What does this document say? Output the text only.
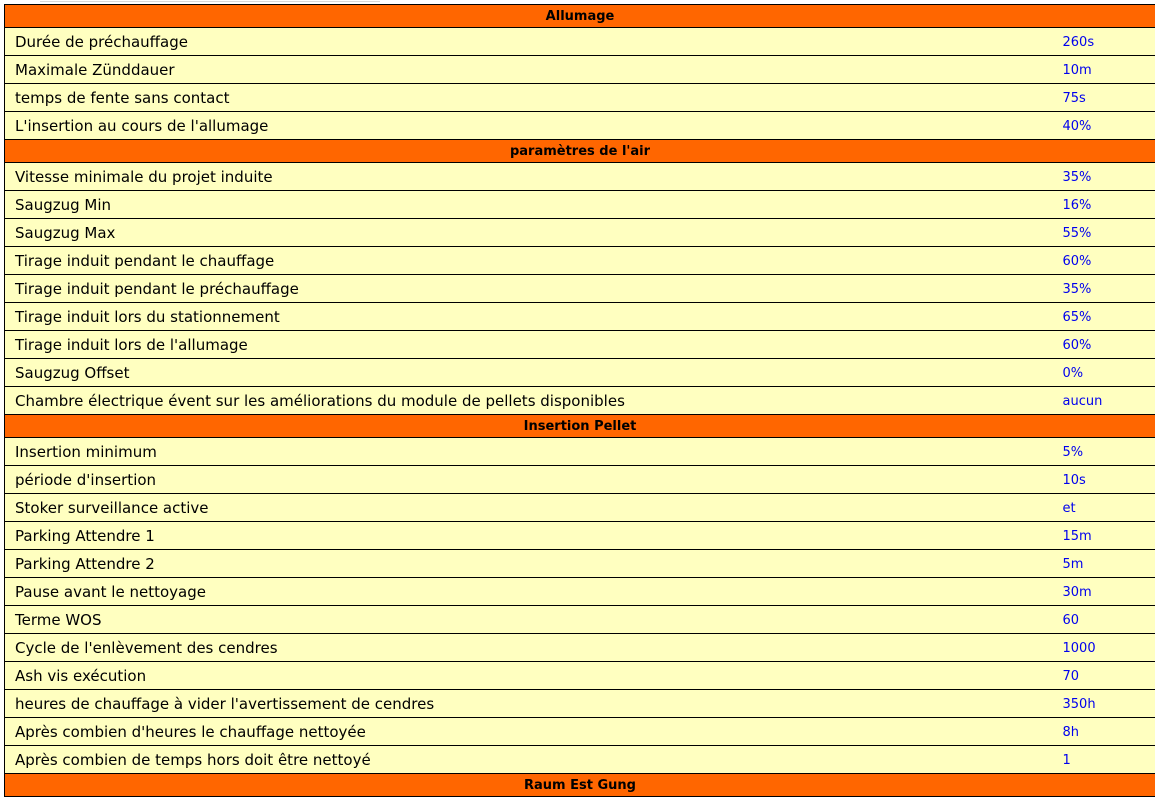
Allumage	
Durée de préchauffage	260s
Maximale Zünddauer	10m
temps de fente sans contact	75s
L'insertion au cours de l'allumage	40%
paramètres de l'air	
Vitesse minimale du projet induite	35%
Saugzug Min	16%
Saugzug Max	55%
Tirage induit pendant le chauffage	60%
Tirage induit pendant le préchauffage	35%
Tirage induit lors du stationnement	65%
Tirage induit lors de l'allumage	60%
Saugzug Offset	0%
Chambre électrique évent sur les améliorations du module de pellets disponibles	aucun
Insertion Pellet	
Insertion minimum	5%
période d'insertion	10s
Stoker surveillance active	et
Parking Attendre 1	15m
Parking Attendre 2	5m
Pause avant le nettoyage	30m
Terme WOS	60
Cycle de l'enlèvement des cendres	1000
Ash vis exécution	70
heures de chauffage à vider l'avertissement de cendres	350h
Après combien d'heures le chauffage nettoyée	8h
Après combien de temps hors doit être nettoyé	1
Raum Est Gung	
